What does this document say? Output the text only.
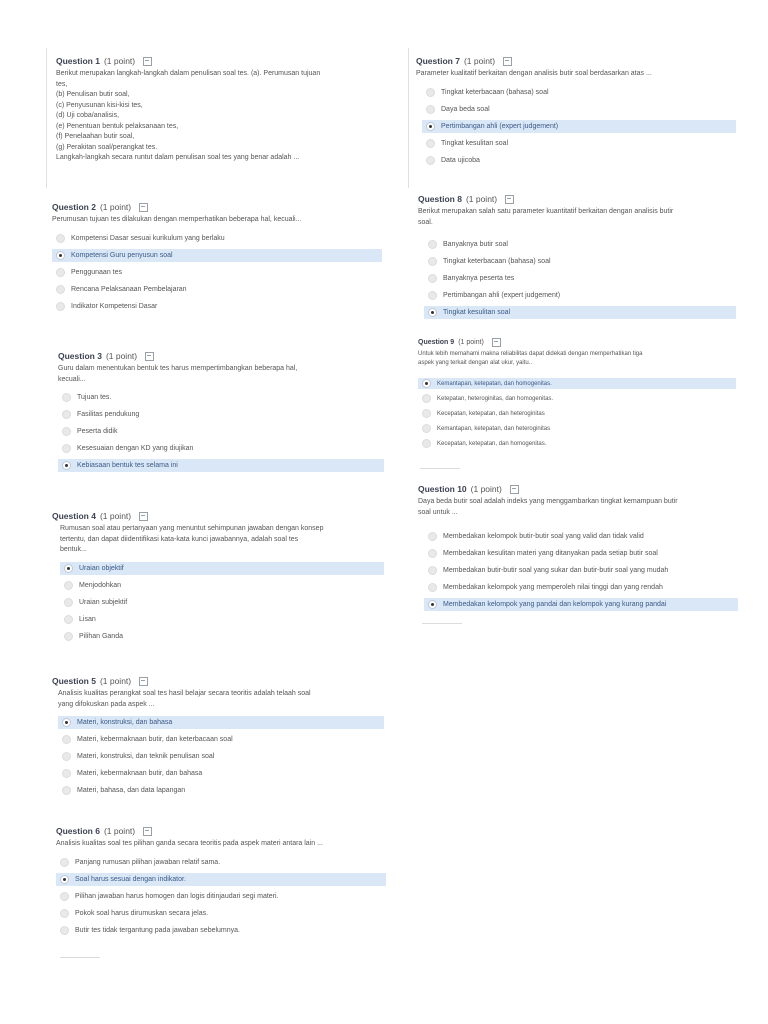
Question 1 (1 point)
Berikut merupakan langkah-langkah dalam penulisan soal tes. (a). Perumusan tujuan
tes,
(b) Penulisan butir soal,
(c) Penyusunan kisi-kisi tes,
(d) Uji coba/analisis,
(e) Penentuan bentuk pelaksanaan tes,
(f) Penelaahan butir soal,
(g) Perakitan soal/perangkat tes.
Langkah-langkah secara runtut dalam penulisan soal tes yang benar adalah ...
Question 2 (1 point)
Perumusan tujuan tes dilakukan dengan memperhatikan beberapa hal, kecuali...
Kompetensi Dasar sesuai kurikulum yang berlaku
Kompetensi Guru penyusun soal
Penggunaan tes
Rencana Pelaksanaan Pembelajaran
Indikator Kompetensi Dasar
Question 3 (1 point)
Guru dalam menentukan bentuk tes harus mempertimbangkan beberapa hal,
kecuali...
Tujuan tes.
Fasilitas pendukung
Peserta didik
Kesesuaian dengan KD yang diujikan
Kebiasaan bentuk tes selama ini
Question 4 (1 point)
Rumusan soal atau pertanyaan yang menuntut sehimpunan jawaban dengan konsep
tertentu, dan dapat diidentifikasi kata-kata kunci jawabannya, adalah soal tes
bentuk...
Uraian objektif
Menjodohkan
Uraian subjektif
Lisan
Pilihan Ganda
Question 5 (1 point)
Analisis kualitas perangkat soal tes hasil belajar secara teoritis adalah telaah soal
yang difokuskan pada aspek ...
Materi, konstruksi, dan bahasa
Materi, kebermaknaan butir, dan keterbacaan soal
Materi, konstruksi, dan teknik penulisan soal
Materi, kebermaknaan butir, dan bahasa
Materi, bahasa, dan data lapangan
Question 6 (1 point)
Analisis kualitas soal tes pilihan ganda secara teoritis pada aspek materi antara lain ...
Panjang rumusan pilihan jawaban relatif sama.
Soal harus sesuai dengan indikator.
Pilihan jawaban harus homogen dan logis ditinjaudari segi materi.
Pokok soal harus dirumuskan secara jelas.
Butir tes tidak tergantung pada jawaban sebelumnya.
Question 7 (1 point)
Parameter kualitatif berkaitan dengan analisis butir soal berdasarkan atas ...
Tingkat keterbacaan (bahasa) soal
Daya beda soal
Pertimbangan ahli (expert judgement)
Tingkat kesulitan soal
Data ujicoba
Question 8 (1 point)
Berikut merupakan salah satu parameter kuantitatif berkaitan dengan analisis butir
soal.
Banyaknya butir soal
Tingkat keterbacaan (bahasa) soal
Banyaknya peserta tes
Pertimbangan ahli (expert judgement)
Tingkat kesulitan soal
Question 9 (1 point)
Untuk lebih memahami makna reliabilitas dapat didekati dengan memperhatikan tiga
aspek yang terkait dengan alat ukur, yaitu..
Kemantapan, ketepatan, dan homogenitas.
Ketepatan, heteroginitas, dan homogenitas.
Kecepatan, ketepatan, dan heteroginitas
Kemantapan, ketepatan, dan heteroginitas
Kecepatan, ketepatan, dan homogenitas.
Question 10 (1 point)
Daya beda butir soal adalah indeks yang menggambarkan tingkat kemampuan butir
soal untuk ...
Membedakan kelompok butir-butir soal yang valid dan tidak valid
Membedakan kesulitan materi yang ditanyakan pada setiap butir soal
Membedakan butir-butir soal yang sukar dan butir-butir soal yang mudah
Membedakan kelompok yang memperoleh nilai tinggi dan yang rendah
Membedakan kelompok yang pandai dan kelompok yang kurang pandai
